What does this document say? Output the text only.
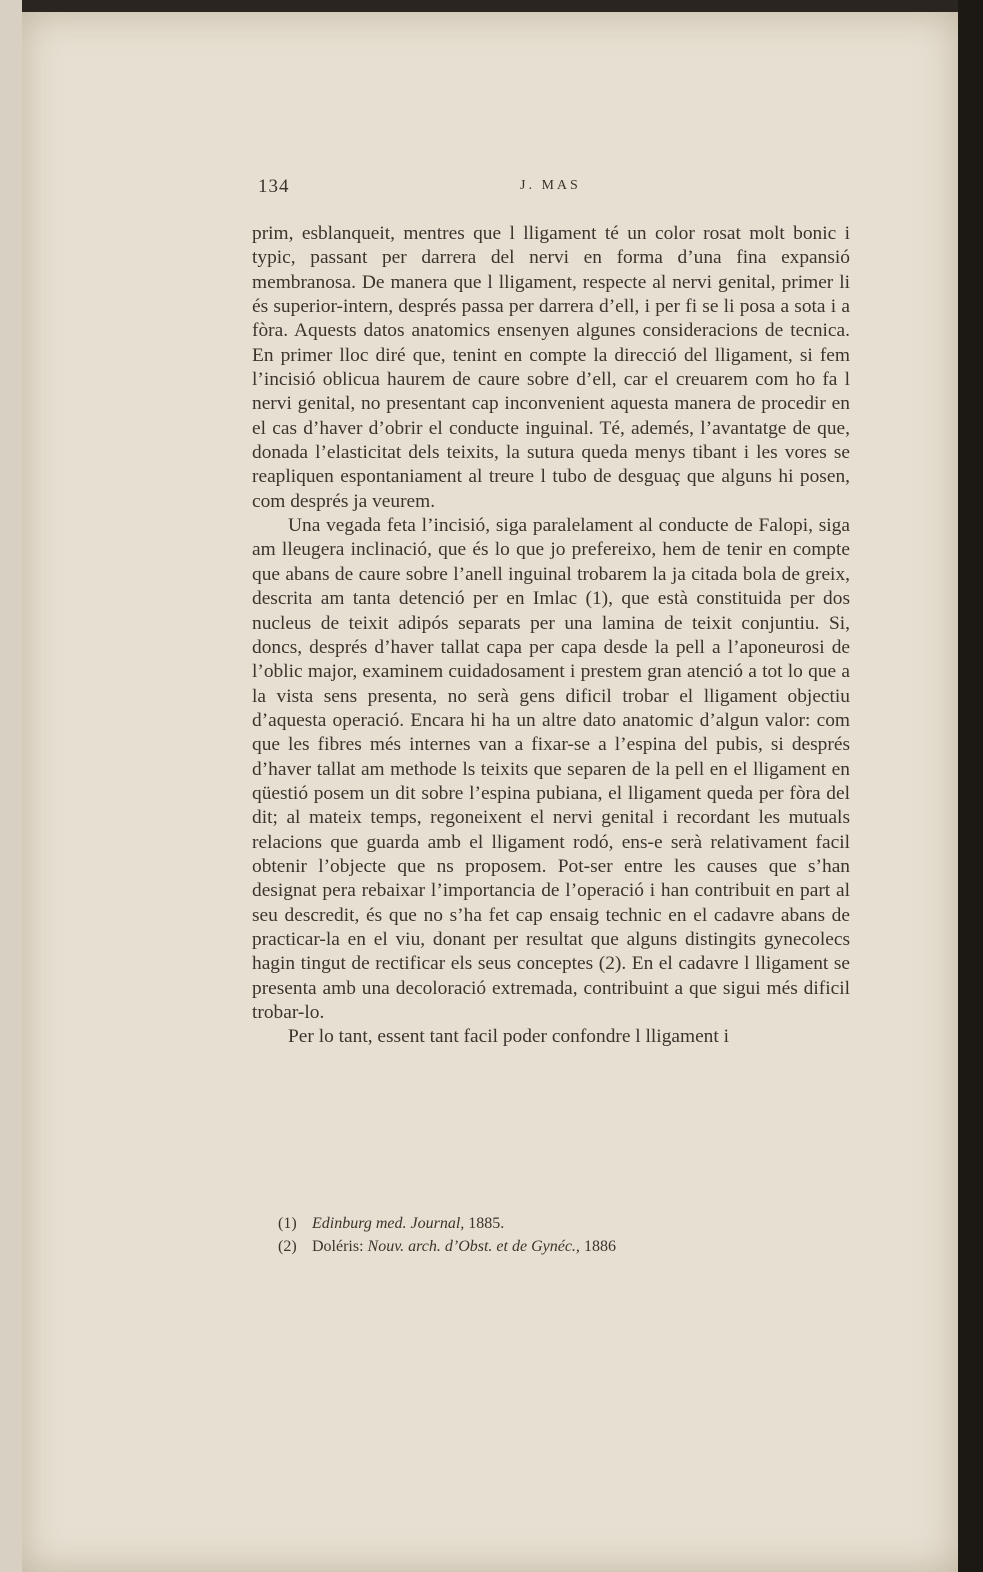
134	J. MAS

prim, esblanqueit, mentres que l lligament té un color rosat molt bonic i typic, passant per darrera del nervi en forma d’una fina expansió membranosa. De manera que l lligament, respecte al nervi genital, primer li és superior-intern, després passa per darrera d’ell, i per fi se li posa a sota i a fòra. Aquests datos anatomics ensenyen algunes consideracions de tecnica. En primer lloc diré que, tenint en compte la direcció del lligament, si fem l’incisió oblicua haurem de caure sobre d’ell, car el creuarem com ho fa l nervi genital, no presentant cap inconvenient aquesta manera de procedir en el cas d’haver d’obrir el conducte inguinal. Té, ademés, l’avantatge de que, donada l’elasticitat dels teixits, la sutura queda menys tibant i les vores se reapliquen espontaniament al treure l tubo de desguaç que alguns hi posen, com després ja veurem.

Una vegada feta l’incisió, siga paralelament al conducte de Falopi, siga am lleugera inclinació, que és lo que jo prefereixo, hem de tenir en compte que abans de caure sobre l’anell inguinal trobarem la ja citada bola de greix, descrita am tanta detenció per en Imlac (1), que està constituida per dos nucleus de teixit adipós separats per una lamina de teixit conjuntiu. Si, doncs, després d’haver tallat capa per capa desde la pell a l’aponeurosi de l’oblic major, examinem cuidadosament i prestem gran atenció a tot lo que a la vista sens presenta, no serà gens dificil trobar el lligament objectiu d’aquesta operació. Encara hi ha un altre dato anatomic d’algun valor: com que les fibres més internes van a fixar-se a l’espina del pubis, si després d’haver tallat am methode ls teixits que separen de la pell en el lligament en qüestió posem un dit sobre l’espina pubiana, el lligament queda per fòra del dit; al mateix temps, regoneixent el nervi genital i recordant les mutuals relacions que guarda amb el lligament rodó, ens-e serà relativament facil obtenir l’objecte que ns proposem. Pot-ser entre les causes que s’han designat pera rebaixar l’importancia de l’operació i han contribuit en part al seu descredit, és que no s’ha fet cap ensaig technic en el cadavre abans de practicar-la en el viu, donant per resultat que alguns distingits gynecolecs hagin tingut de rectificar els seus conceptes (2). En el cadavre l lligament se presenta amb una decoloració extremada, contribuint a que sigui més dificil trobar-lo.

Per lo tant, essent tant facil poder confondre l lligament i

(1) Edinburg med. Journal, 1885.
(2) Doléris: Nouv. arch. d’Obst. et de Gynéc., 1886
